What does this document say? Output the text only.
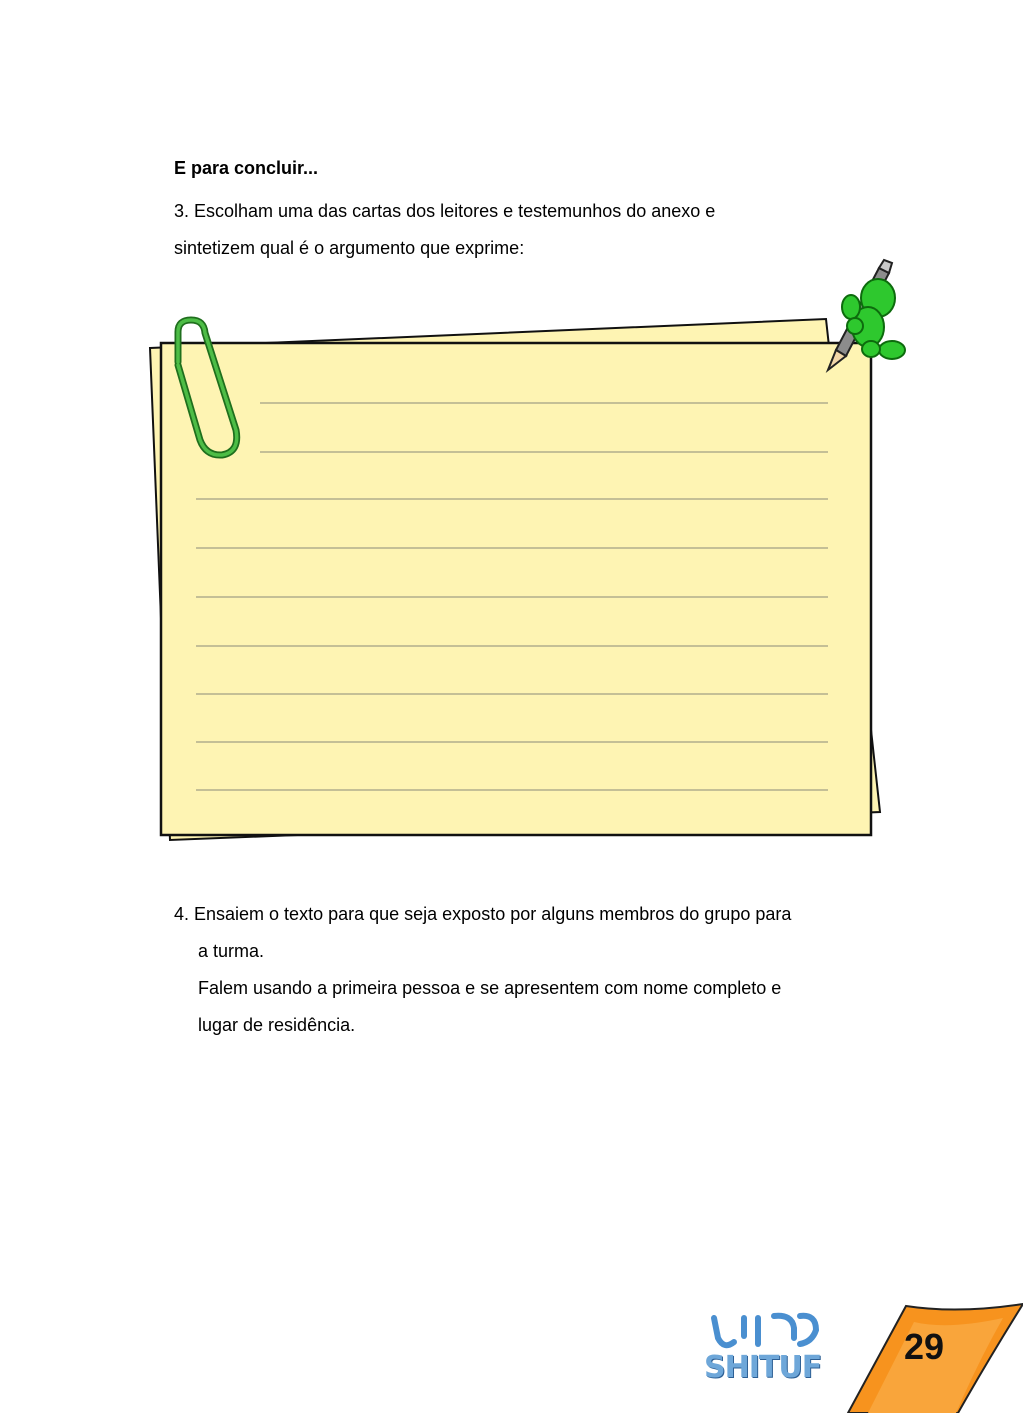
E para concluir...

3. Escolham uma das cartas dos leitores e testemunhos do anexo e

sintetizem qual é o argumento que exprime:

4. Ensaiem o texto para que seja exposto por alguns membros do grupo para

a turma.

Falem usando a primeira pessoa e se apresentem com nome completo e

lugar de residência.

SHITUF
29
